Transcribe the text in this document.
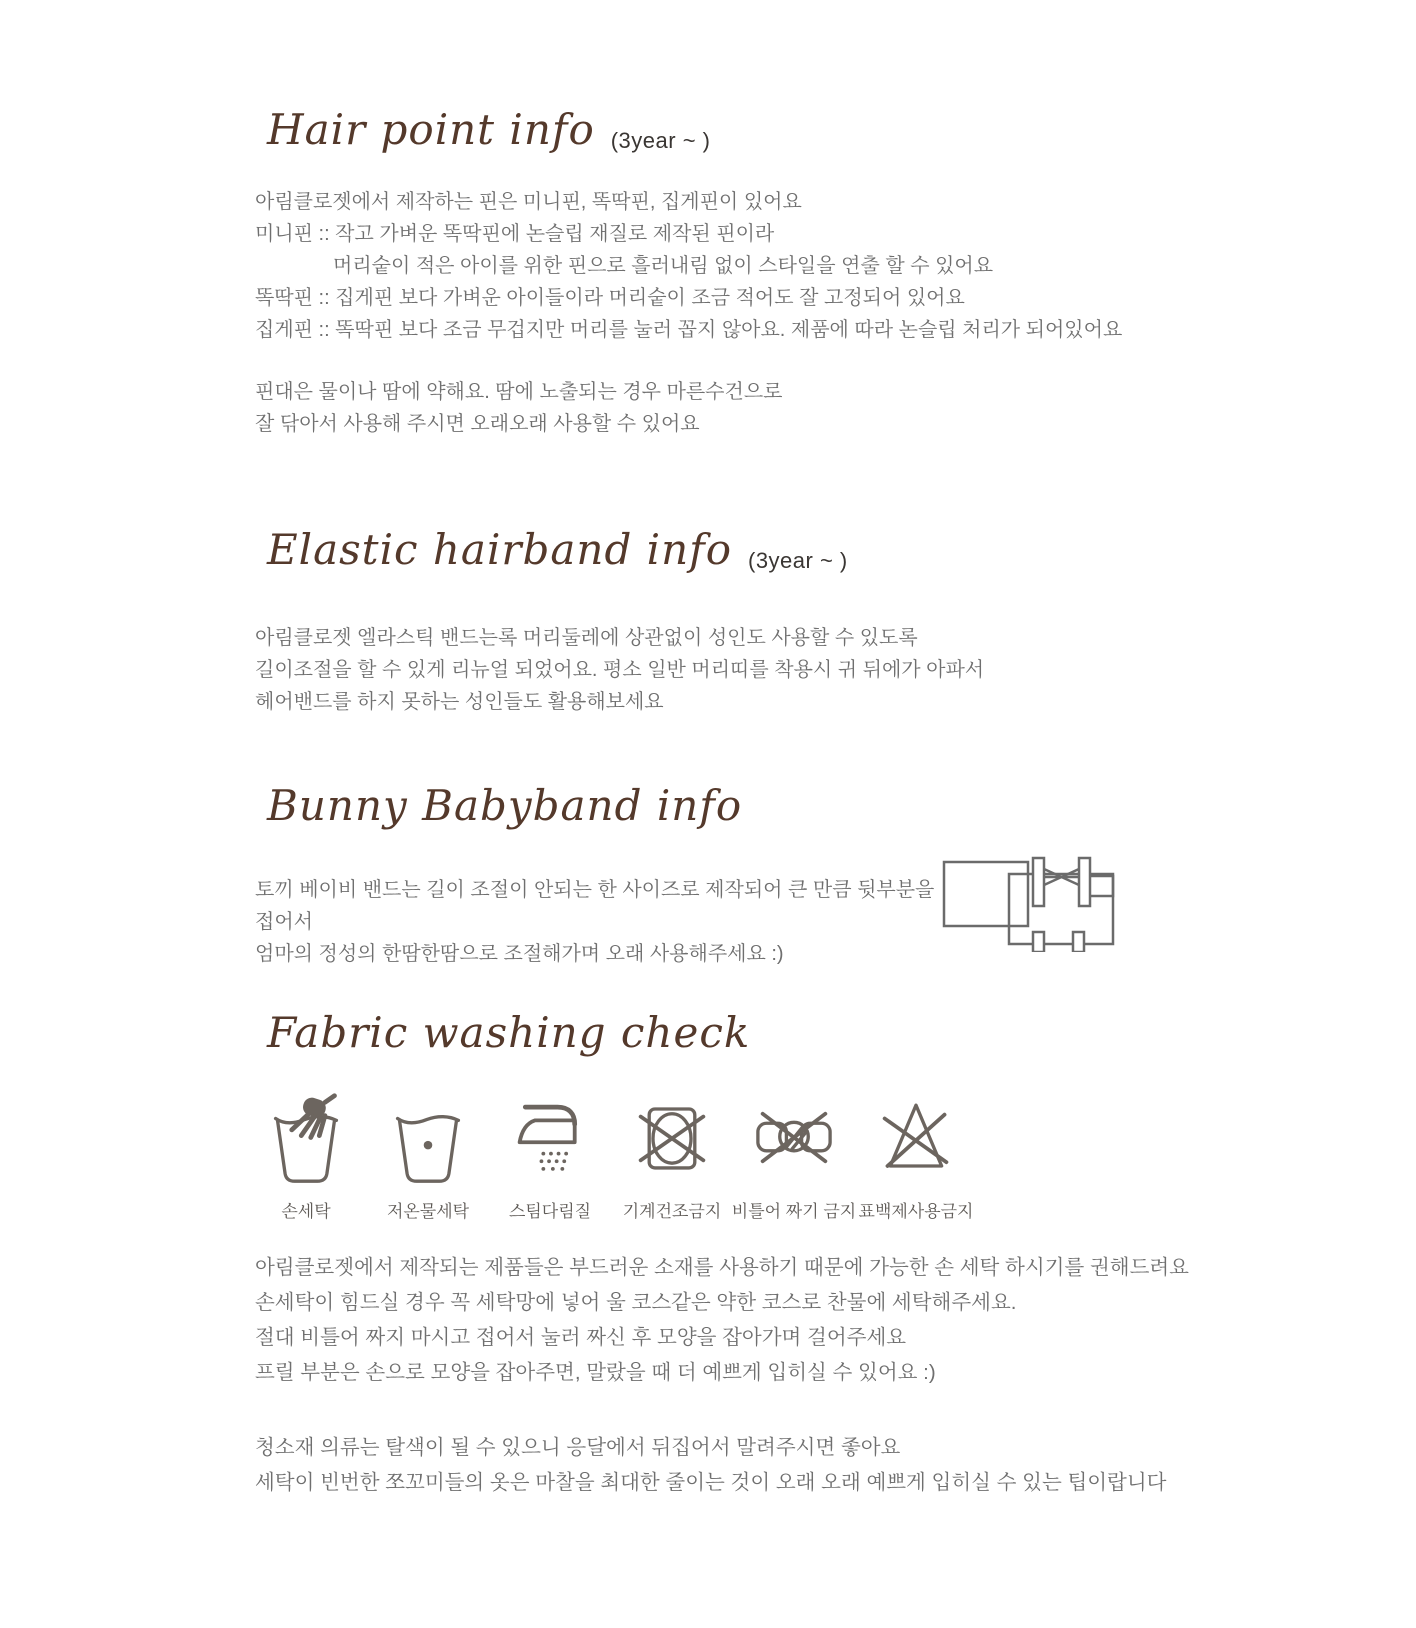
Hair point info (3year ~ )
아림클로젯에서 제작하는 핀은 미니핀, 똑딱핀, 집게핀이 있어요
미니핀 :: 작고 가벼운 똑딱핀에 논슬립 재질로 제작된 핀이라
머리숱이 적은 아이를 위한 핀으로 흘러내림 없이 스타일을 연출 할 수 있어요
똑딱핀 :: 집게핀 보다 가벼운 아이들이라 머리숱이 조금 적어도 잘 고정되어 있어요
집게핀 :: 똑딱핀 보다 조금 무겁지만 머리를 눌러 꼽지 않아요. 제품에 따라 논슬립 처리가 되어있어요
핀대은 물이나 땀에 약해요. 땀에 노출되는 경우 마른수건으로
잘 닦아서 사용해 주시면 오래오래 사용할 수 있어요
Elastic hairband info (3year ~ )
아림클로젯 엘라스틱 밴드는록 머리둘레에 상관없이 성인도 사용할 수 있도록
길이조절을 할 수 있게 리뉴얼 되었어요. 평소 일반 머리띠를 착용시 귀 뒤에가 아파서
헤어밴드를 하지 못하는 성인들도 활용해보세요
Bunny Babyband info
토끼 베이비 밴드는 길이 조절이 안되는 한 사이즈로 제작되어 큰 만큼 뒷부분을 접어서
엄마의 정성의 한땀한땀으로 조절해가며 오래 사용해주세요 :)
Fabric washing check
손세탁	저온물세탁 스팀다림질 기계건조금지 비틀어 짜기 금지 표백제사용금지
아림클로젯에서 제작되는 제품들은 부드러운 소재를 사용하기 때문에 가능한 손 세탁 하시기를 권해드려요
손세탁이 힘드실 경우 꼭 세탁망에 넣어 울 코스같은 약한 코스로 찬물에 세탁해주세요.
절대 비틀어 짜지 마시고 접어서 눌러 짜신 후 모양을 잡아가며 걸어주세요
프릴 부분은 손으로 모양을 잡아주면, 말랐을 때 더 예쁘게 입히실 수 있어요 :)
청소재 의류는 탈색이 될 수 있으니 응달에서 뒤집어서 말려주시면 좋아요
세탁이 빈번한 쪼꼬미들의 옷은 마찰을 최대한 줄이는 것이 오래 오래 예쁘게 입히실 수 있는 팁이랍니다
